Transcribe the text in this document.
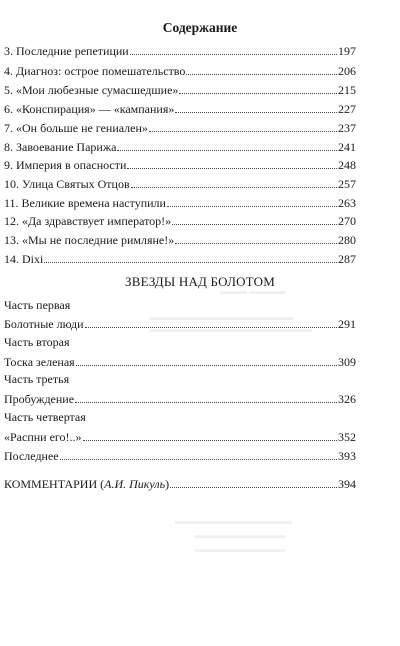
Содержание
3. Последние репетиции	197
4. Диагноз: острое помешательство	206
5. «Мои любезные сумасшедшие»	215
6. «Конспирация» — «кампания»	227
7. «Он больше не гениален»	237
8. Завоевание Парижа	241
9. Империя в опасности	248
10. Улица Святых Отцов	257
11. Великие времена наступили	263
12. «Да здравствует император!»	270
13. «Мы не последние римляне!»	280
14. Dixi	287
ЗВЕЗДЫ НАД БОЛОТОМ
Часть первая
Болотные люди	291
Часть вторая
Тоска зеленая	309
Часть третья
Пробуждение	326
Часть четвертая
«Распни его!..»	352
Последнее	393
КОММЕНТАРИИ (А.И. Пикуль)	394
▬▬▬ ▬▬▬▬
▬▬▬▬▬▬▬▬▬▬▬▬▬▬▬▬
▬▬▬▬▬▬▬▬▬▬▬▬▬▬▬▬▬▬
▬▬▬▬▬▬▬▬▬▬▬▬▬
▬▬▬▬▬▬▬▬▬▬
▬▬▬▬▬▬▬▬▬▬
